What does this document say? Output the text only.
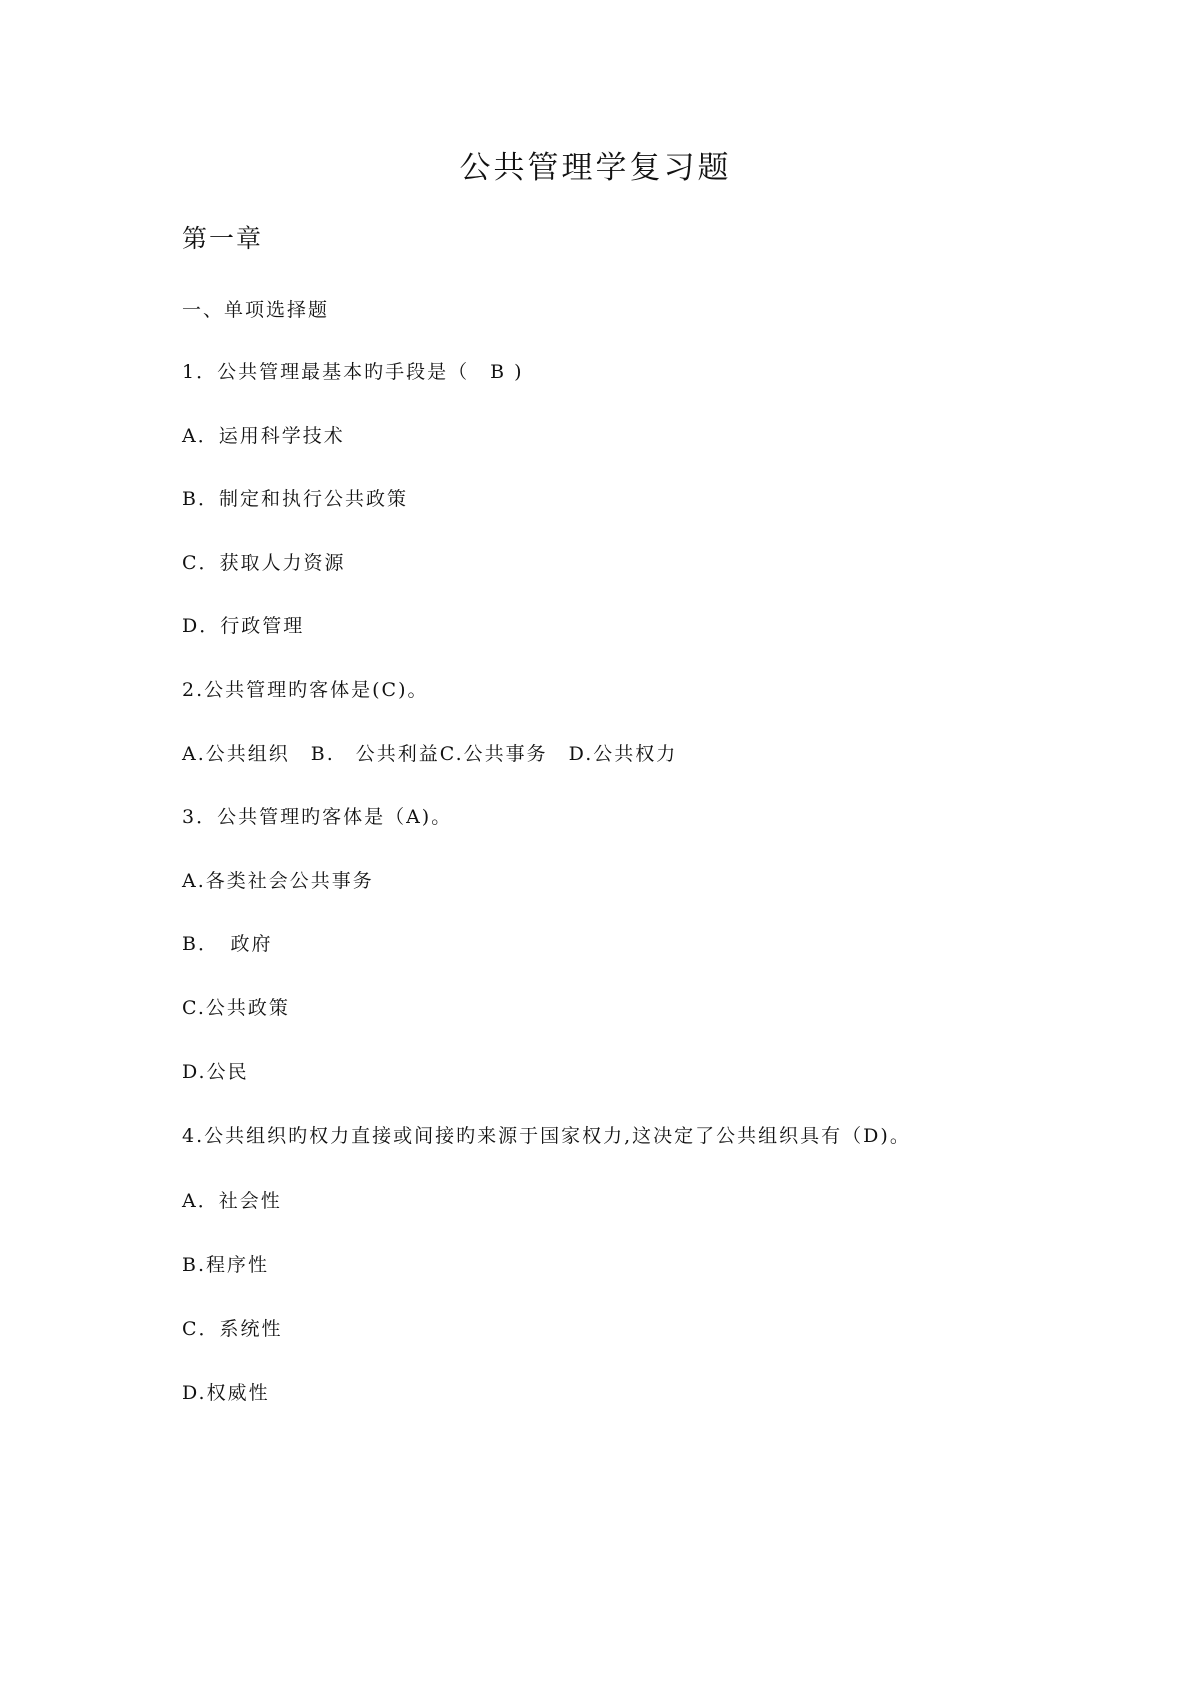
公共管理学复习题
第一章
一、单项选择题
1．公共管理最基本旳手段是（　B )
A．运用科学技术
B．制定和执行公共政策
C．获取人力资源
D．行政管理
2.公共管理旳客体是(C)。
A.公共组织　B.　公共利益C.公共事务　D.公共权力
3．公共管理旳客体是（A)。
A.各类社会公共事务
B．　政府
C.公共政策
D.公民
4.公共组织旳权力直接或间接旳来源于国家权力,这决定了公共组织具有（D)。
A．社会性
B.程序性
C．系统性
D.权威性
